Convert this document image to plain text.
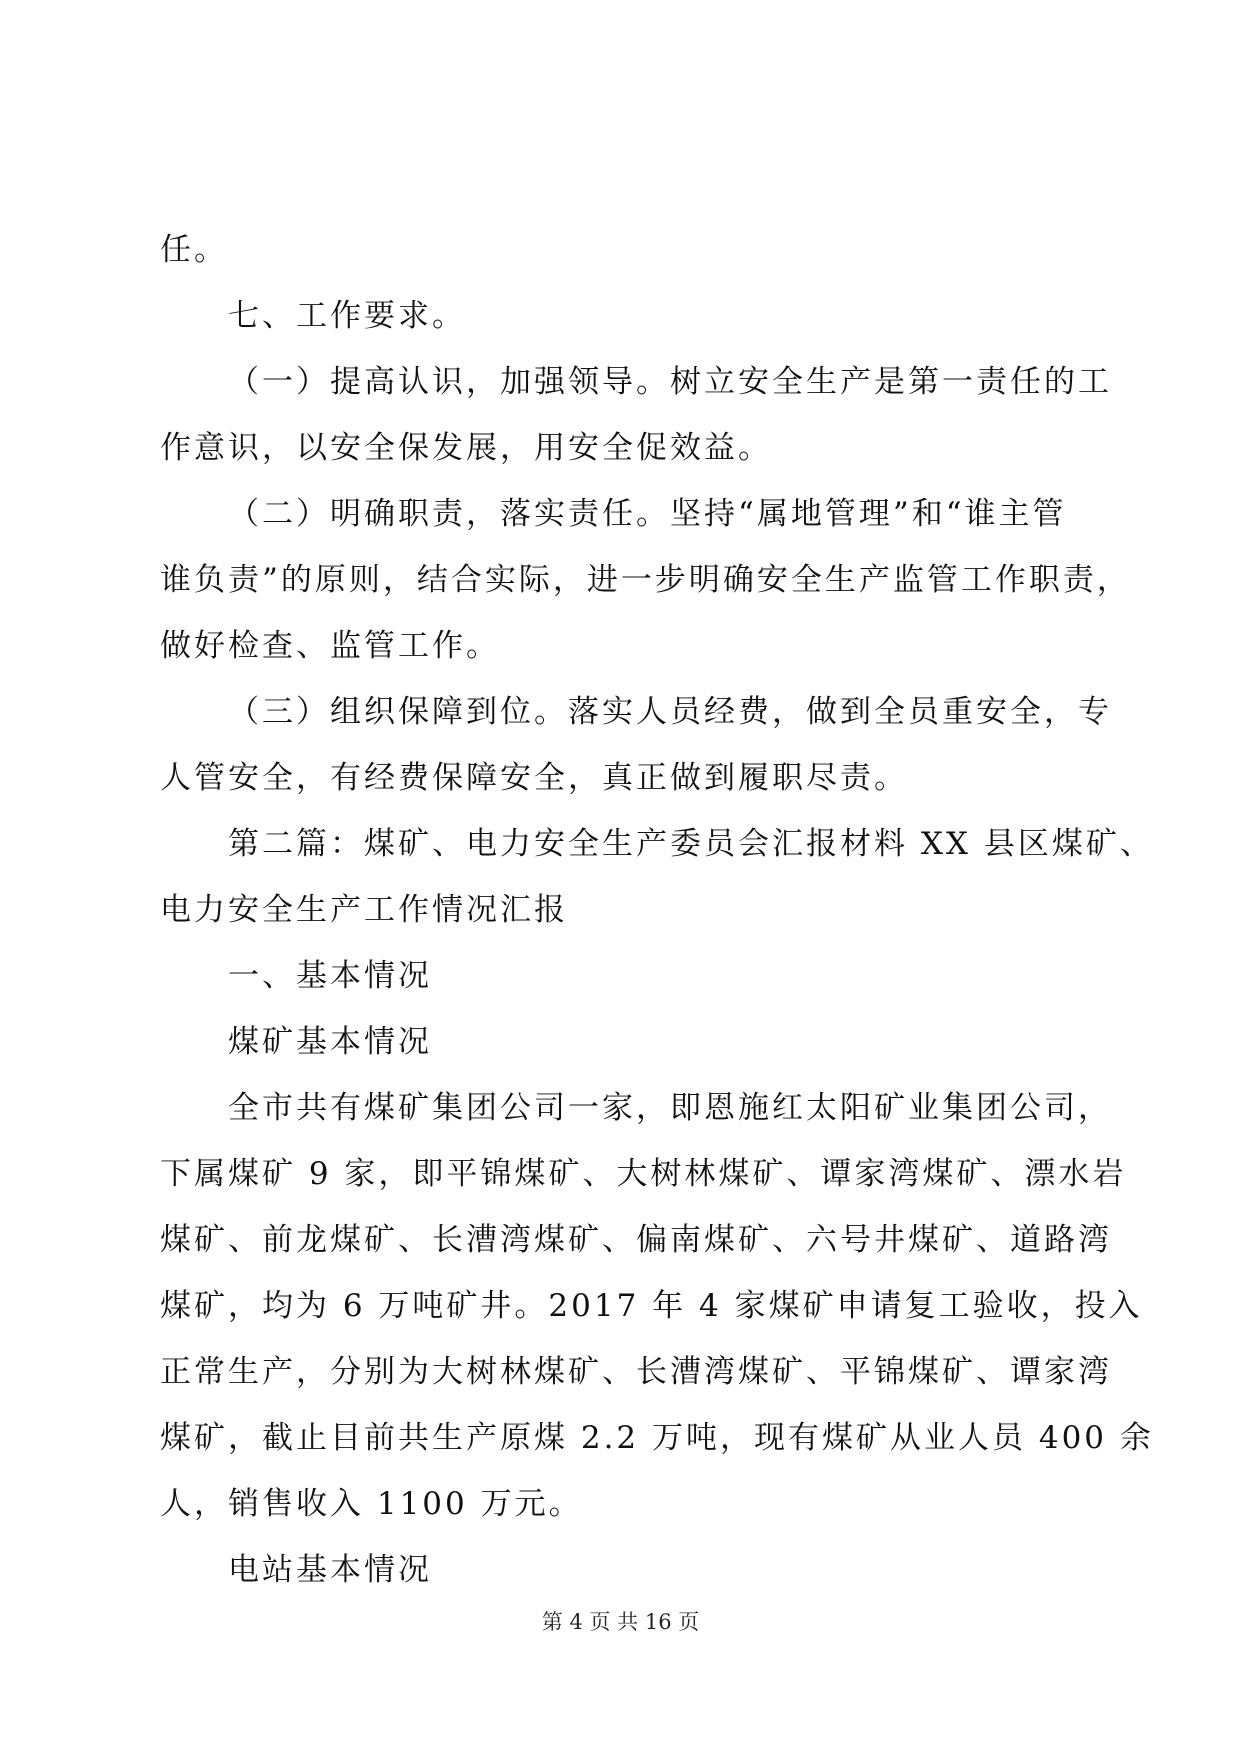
任。
七、工作要求。
（一）提高认识，加强领导。树立安全生产是第一责任的工
作意识，以安全保发展，用安全促效益。
（二）明确职责，落实责任。坚持“属地管理”和“谁主管
谁负责”的原则，结合实际，进一步明确安全生产监管工作职责，
做好检查、监管工作。
（三）组织保障到位。落实人员经费，做到全员重安全，专
人管安全，有经费保障安全，真正做到履职尽责。
第二篇：煤矿、电力安全生产委员会汇报材料 XX 县区煤矿、
电力安全生产工作情况汇报
一、基本情况
煤矿基本情况
全市共有煤矿集团公司一家，即恩施红太阳矿业集团公司，
下属煤矿 9 家，即平锦煤矿、大树林煤矿、谭家湾煤矿、漂水岩
煤矿、前龙煤矿、长漕湾煤矿、偏南煤矿、六号井煤矿、道路湾
煤矿，均为 6 万吨矿井。2017 年 4 家煤矿申请复工验收，投入
正常生产，分别为大树林煤矿、长漕湾煤矿、平锦煤矿、谭家湾
煤矿，截止目前共生产原煤 2.2 万吨，现有煤矿从业人员 400 余
人，销售收入 1100 万元。
电站基本情况
第 4 页 共 16 页
